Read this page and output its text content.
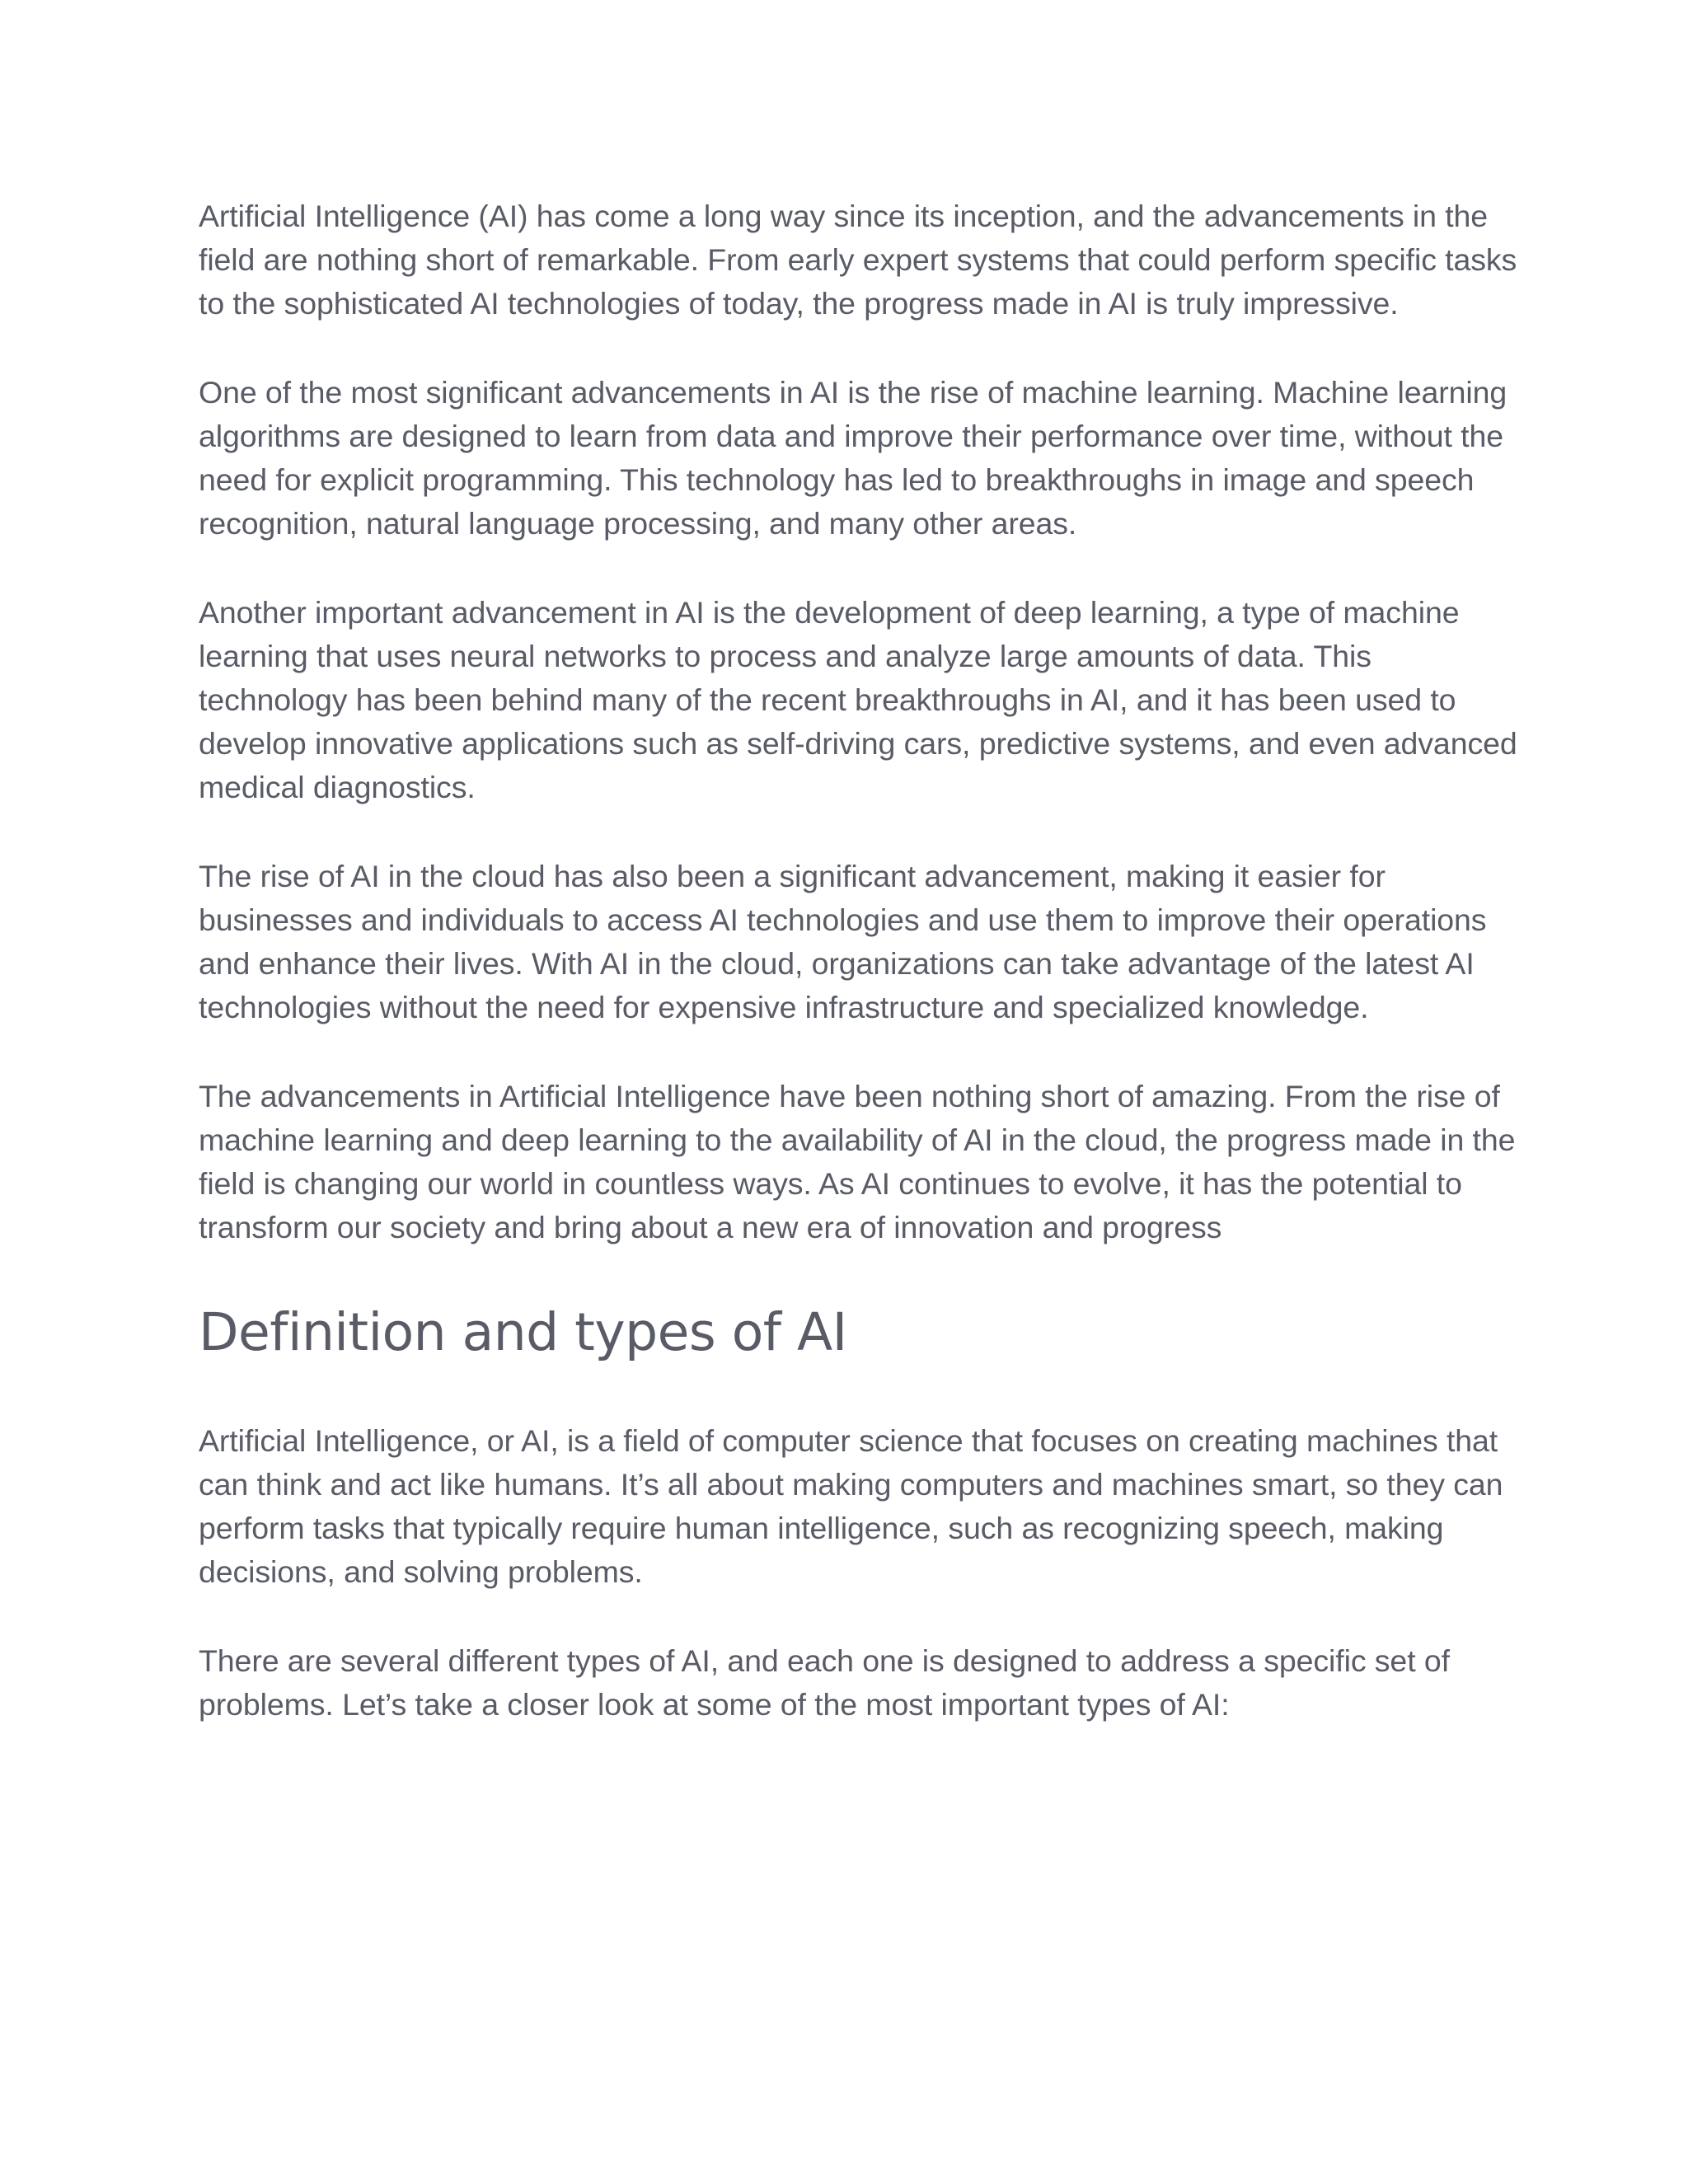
Artificial Intelligence (AI) has come a long way since its inception, and the advancements in the field are nothing short of remarkable. From early expert systems that could perform specific tasks to the sophisticated AI technologies of today, the progress made in AI is truly impressive.

One of the most significant advancements in AI is the rise of machine learning. Machine learning algorithms are designed to learn from data and improve their performance over time, without the need for explicit programming. This technology has led to breakthroughs in image and speech recognition, natural language processing, and many other areas.

Another important advancement in AI is the development of deep learning, a type of machine learning that uses neural networks to process and analyze large amounts of data. This technology has been behind many of the recent breakthroughs in AI, and it has been used to develop innovative applications such as self-driving cars, predictive systems, and even advanced medical diagnostics.

The rise of AI in the cloud has also been a significant advancement, making it easier for businesses and individuals to access AI technologies and use them to improve their operations and enhance their lives. With AI in the cloud, organizations can take advantage of the latest AI technologies without the need for expensive infrastructure and specialized knowledge.

The advancements in Artificial Intelligence have been nothing short of amazing. From the rise of machine learning and deep learning to the availability of AI in the cloud, the progress made in the field is changing our world in countless ways. As AI continues to evolve, it has the potential to transform our society and bring about a new era of innovation and progress

Definition and types of AI

Artificial Intelligence, or AI, is a field of computer science that focuses on creating machines that can think and act like humans. It’s all about making computers and machines smart, so they can perform tasks that typically require human intelligence, such as recognizing speech, making decisions, and solving problems.

There are several different types of AI, and each one is designed to address a specific set of problems. Let’s take a closer look at some of the most important types of AI:
